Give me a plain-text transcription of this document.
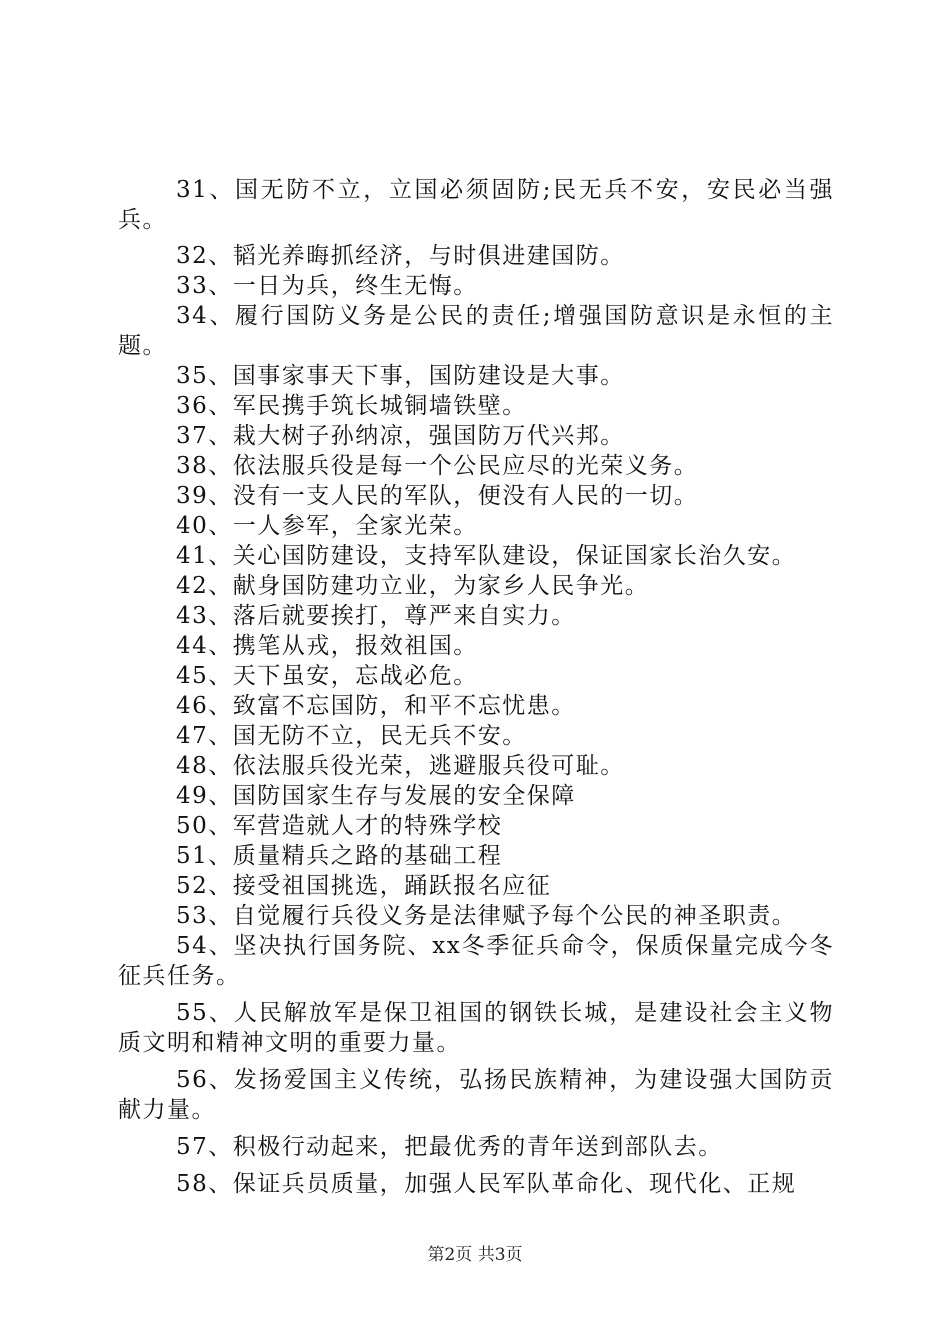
31、国无防不立，立国必须固防;民无兵不安，安民必当强兵。

32、韬光养晦抓经济，与时俱进建国防。

33、一日为兵，终生无悔。

34、履行国防义务是公民的责任;增强国防意识是永恒的主题。

35、国事家事天下事，国防建设是大事。

36、军民携手筑长城铜墙铁壁。

37、栽大树子孙纳凉，强国防万代兴邦。

38、依法服兵役是每一个公民应尽的光荣义务。

39、没有一支人民的军队，便没有人民的一切。

40、一人参军，全家光荣。

41、关心国防建设，支持军队建设，保证国家长治久安。

42、献身国防建功立业，为家乡人民争光。

43、落后就要挨打，尊严来自实力。

44、携笔从戎，报效祖国。

45、天下虽安，忘战必危。

46、致富不忘国防，和平不忘忧患。

47、国无防不立，民无兵不安。

48、依法服兵役光荣，逃避服兵役可耻。

49、国防国家生存与发展的安全保障

50、军营造就人才的特殊学校

51、质量精兵之路的基础工程

52、接受祖国挑选，踊跃报名应征

53、自觉履行兵役义务是法律赋予每个公民的神圣职责。

54、坚决执行国务院、xx冬季征兵命令，保质保量完成今冬征兵任务。

55、人民解放军是保卫祖国的钢铁长城，是建设社会主义物质文明和精神文明的重要力量。

56、发扬爱国主义传统，弘扬民族精神，为建设强大国防贡献力量。

57、积极行动起来，把最优秀的青年送到部队去。

58、保证兵员质量，加强人民军队革命化、现代化、正规

第2页 共3页
